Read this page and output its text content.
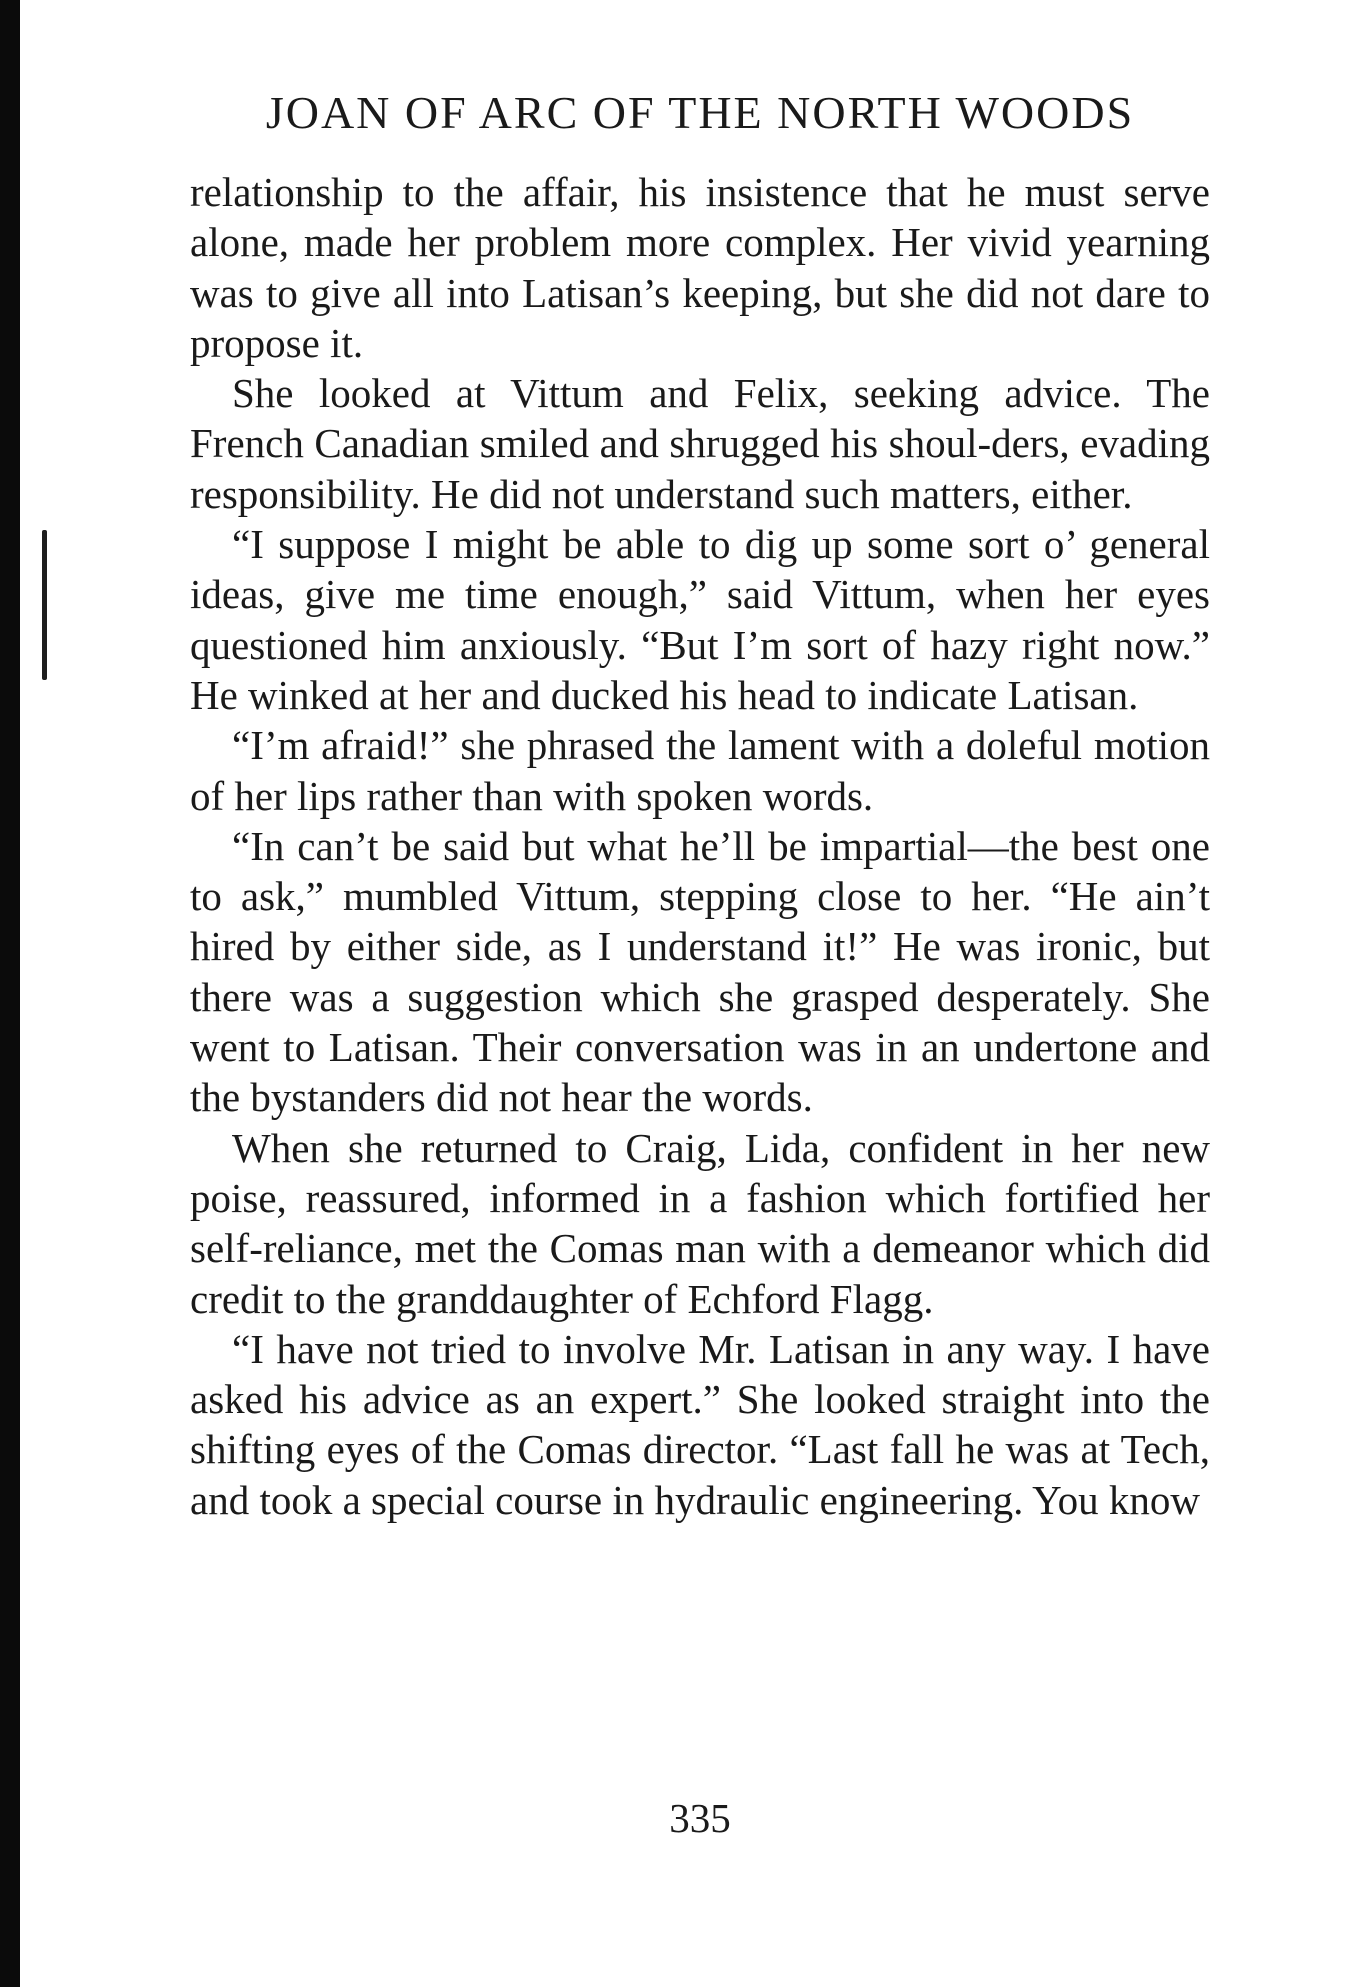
JOAN OF ARC OF THE NORTH WOODS

relationship to the affair, his insistence that he must serve alone, made her problem more complex. Her vivid yearning was to give all into Latisan’s keeping, but she did not dare to propose it.

She looked at Vittum and Felix, seeking advice. The French Canadian smiled and shrugged his shoul-ders, evading responsibility. He did not understand such matters, either.

“I suppose I might be able to dig up some sort o’ general ideas, give me time enough,” said Vittum, when her eyes questioned him anxiously. “But I’m sort of hazy right now.” He winked at her and ducked his head to indicate Latisan.

“I’m afraid!” she phrased the lament with a doleful motion of her lips rather than with spoken words.

“In can’t be said but what he’ll be impartial—the best one to ask,” mumbled Vittum, stepping close to her. “He ain’t hired by either side, as I understand it!” He was ironic, but there was a suggestion which she grasped desperately. She went to Latisan. Their conversation was in an undertone and the bystanders did not hear the words.

When she returned to Craig, Lida, confident in her new poise, reassured, informed in a fashion which fortified her self-reliance, met the Comas man with a demeanor which did credit to the granddaughter of Echford Flagg.

“I have not tried to involve Mr. Latisan in any way. I have asked his advice as an expert.” She looked straight into the shifting eyes of the Comas director. “Last fall he was at Tech, and took a special course in hydraulic engineering. You know

335
